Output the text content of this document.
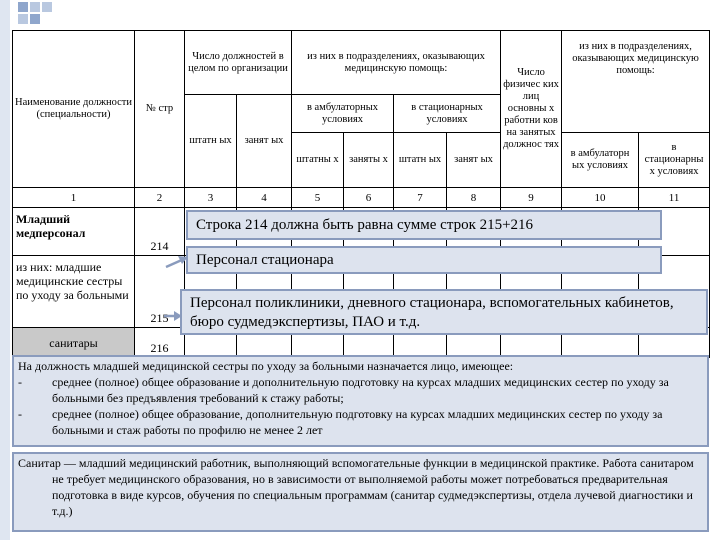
Наименование должности (специальности)	№ стр	Число должностей в целом по организации		из них в подразделениях, оказывающих медицинскую помощь:				Число физичес ких лиц основны х работни ков на занятых должнос тях	из них в подразделениях, оказывающих медицинскую помощь:	
		штатн ых	занят ых	в амбулаторных условиях		в стационарных условиях				
				штатны х	заняты х	штатн ых	занят ых		в амбулаторн ых условиях	в стационарны х условиях
1	2	3	4	5	6	7	8	9	10	11
Младший медперсонал	214									
из них: младшие медицинские сестры по уходу за больными	215									
санитары	216									
Строка 214 должна быть равна сумме строк 215+216
Персонал стационара
Персонал поликлиники, дневного стационара, вспомогательных кабинетов, бюро судмедэкспертизы, ПАО и т.д.

На должность младшей медицинской сестры по уходу за больными назначается лицо, имеющее:

-	среднее (полное) общее образование и дополнительную подготовку на курсах младших медицинских сестер по уходу за больными без предъявления требований к стажу работы;

-	среднее (полное) общее образование, дополнительную подготовку на курсах младших медицинских сестер по уходу за больными и стаж работы по профилю не менее 2 лет

Санитар — младший медицинский работник, выполняющий вспомогательные функции в медицинской практике. Работа санитаром не требует медицинского образования, но в зависимости от выполняемой работы может потребоваться предварительная подготовка в виде курсов, обучения по специальным программам (санитар судмедэкспертизы, отдела лучевой диагностики и т.д.)
